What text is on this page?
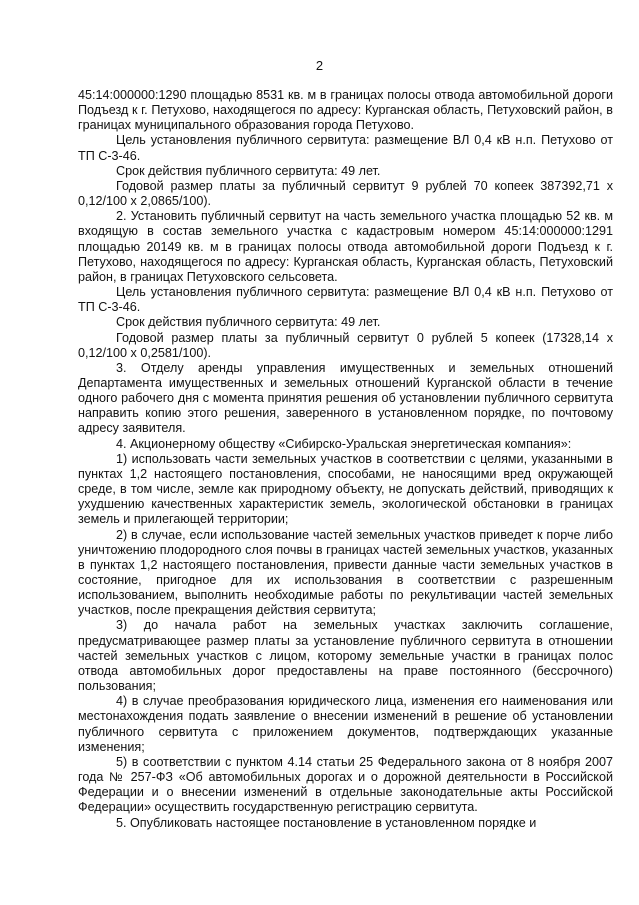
2

45:14:000000:1290 площадью 8531 кв. м в границах полосы отвода автомобильной дороги Подъезд к г. Петухово, находящегося по адресу: Курганская область, Петуховский район, в границах муниципального образования города Петухово.

Цель установления публичного сервитута: размещение ВЛ 0,4 кВ н.п. Петухово от ТП С-3-46.

Срок действия публичного сервитута: 49 лет.

Годовой размер платы за публичный сервитут 9 рублей 70 копеек 387392,71 х 0,12/100 х 2,0865/100).

2. Установить публичный сервитут на часть земельного участка площадью 52 кв. м входящую в состав земельного участка с кадастровым номером 45:14:000000:1291 площадью 20149 кв. м в границах полосы отвода автомобильной дороги Подъезд к г. Петухово, находящегося по адресу: Курганская область, Курганская область, Петуховский район, в границах Петуховского сельсовета.

Цель установления публичного сервитута: размещение ВЛ 0,4 кВ н.п. Петухово от ТП С-3-46.

Срок действия публичного сервитута: 49 лет.

Годовой размер платы за публичный сервитут 0 рублей 5 копеек (17328,14 х 0,12/100 х 0,2581/100).

3. Отделу аренды управления имущественных и земельных отношений Департамента имущественных и земельных отношений Курганской области в течение одного рабочего дня с момента принятия решения об установлении публичного сервитута направить копию этого решения, заверенного в установленном порядке, по почтовому адресу заявителя.

4. Акционерному обществу «Сибирско-Уральская энергетическая компания»:

1) использовать части земельных участков в соответствии с целями, указанными в пунктах 1,2 настоящего постановления, способами, не наносящими вред окружающей среде, в том числе, земле как природному объекту, не допускать действий, приводящих к ухудшению качественных характеристик земель, экологической обстановки в границах земель и прилегающей территории;

2) в случае, если использование частей земельных участков приведет к порче либо уничтожению плодородного слоя почвы в границах частей земельных участков, указанных в пунктах 1,2 настоящего постановления, привести данные части земельных участков в состояние, пригодное для их использования в соответствии с разрешенным использованием, выполнить необходимые работы по рекультивации частей земельных участков, после прекращения действия сервитута;

3) до начала работ на земельных участках заключить соглашение, предусматривающее размер платы за установление публичного сервитута в отношении частей земельных участков с лицом, которому земельные участки в границах полос отвода автомобильных дорог предоставлены на праве постоянного (бессрочного) пользования;

4) в случае преобразования юридического лица, изменения его наименования или местонахождения подать заявление о внесении изменений в решение об установлении публичного сервитута с приложением документов, подтверждающих указанные изменения;

5) в соответствии с пунктом 4.14 статьи 25 Федерального закона от 8 ноября 2007 года № 257-ФЗ «Об автомобильных дорогах и о дорожной деятельности в Российской Федерации и о внесении изменений в отдельные законодательные акты Российской Федерации» осуществить государственную регистрацию сервитута.

5. Опубликовать настоящее постановление в установленном порядке и
